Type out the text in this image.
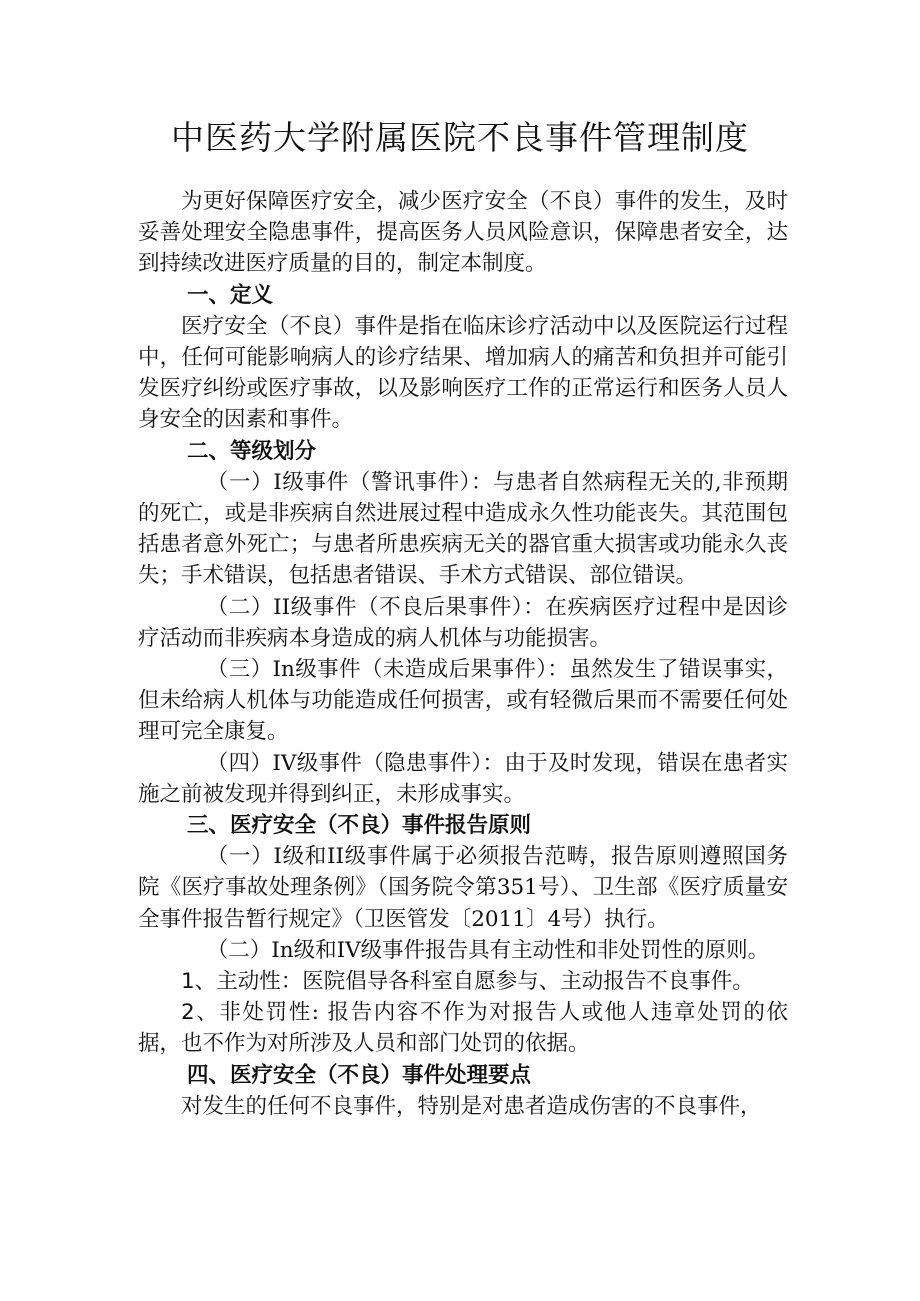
中医药大学附属医院不良事件管理制度

为更好保障医疗安全，减少医疗安全（不良）事件的发生，及时妥善处理安全隐患事件，提高医务人员风险意识，保障患者安全，达到持续改进医疗质量的目的，制定本制度。

一、定义

医疗安全（不良）事件是指在临床诊疗活动中以及医院运行过程中，任何可能影响病人的诊疗结果、增加病人的痛苦和负担并可能引发医疗纠纷或医疗事故，以及影响医疗工作的正常运行和医务人员人身安全的因素和事件。

二、等级划分

（一）I级事件（警讯事件）：与患者自然病程无关的,非预期的死亡，或是非疾病自然进展过程中造成永久性功能丧失。其范围包括患者意外死亡；与患者所患疾病无关的器官重大损害或功能永久丧失；手术错误，包括患者错误、手术方式错误、部位错误。

（二）II级事件（不良后果事件）：在疾病医疗过程中是因诊疗活动而非疾病本身造成的病人机体与功能损害。

（三）In级事件（未造成后果事件）：虽然发生了错误事实，但未给病人机体与功能造成任何损害，或有轻微后果而不需要任何处理可完全康复。

（四）IV级事件（隐患事件）：由于及时发现，错误在患者实施之前被发现并得到纠正，未形成事实。

三、医疗安全（不良）事件报告原则

（一）I级和II级事件属于必须报告范畴，报告原则遵照国务院《医疗事故处理条例》（国务院令第351号）、卫生部《医疗质量安全事件报告暂行规定》（卫医管发〔2011〕4号）执行。

（二）In级和IV级事件报告具有主动性和非处罚性的原则。

1、主动性：医院倡导各科室自愿参与、主动报告不良事件。

2、非处罚性: 报告内容不作为对报告人或他人违章处罚的依据，也不作为对所涉及人员和部门处罚的依据。

四、医疗安全（不良）事件处理要点

对发生的任何不良事件，特别是对患者造成伤害的不良事件，
